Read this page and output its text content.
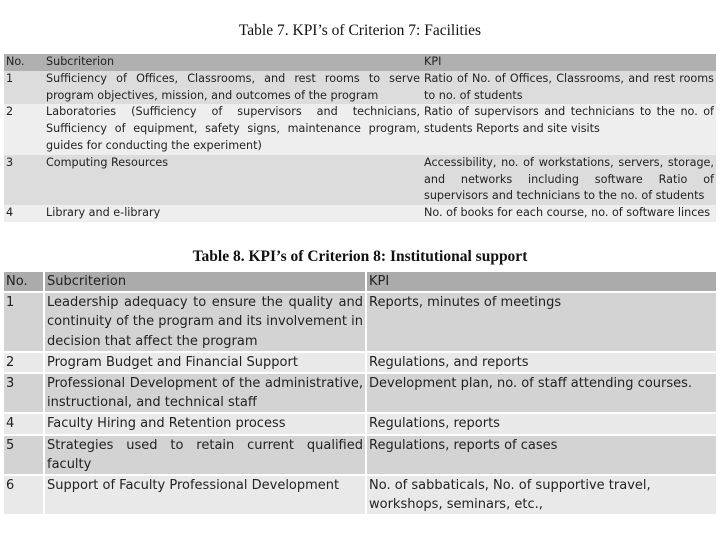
Table 7. KPI’s of Criterion 7: Facilities
No.	Subcriterion	KPI
1	Sufficiency of Offices, Classrooms, and rest rooms to serve program objectives, mission, and outcomes of the program	Ratio of No. of Offices, Classrooms, and rest rooms to no. of students
2	Laboratories (Sufficiency of supervisors and technicians, Sufficiency of equipment, safety signs, maintenance program, guides for conducting the experiment)	Ratio of supervisors and technicians to the no. of students Reports and site visits
3	Computing Resources	Accessibility, no. of workstations, servers, storage, and networks including software Ratio of supervisors and technicians to the no. of students
4	Library and e-library	No. of books for each course, no. of software linces
Table 8. KPI’s of Criterion 8: Institutional support
No.	Subcriterion	KPI
1	Leadership adequacy to ensure the quality and continuity of the program and its involvement in decision that affect the program	Reports, minutes of meetings
2	Program Budget and Financial Support	Regulations, and reports
3	Professional Development of the administrative, instructional, and technical staff	Development plan, no. of staff attending courses.
4	Faculty Hiring and Retention process	Regulations, reports
5	Strategies used to retain current qualified faculty	Regulations, reports of cases
6	Support of Faculty Professional Development	No. of sabbaticals, No. of supportive travel, workshops, seminars, etc.,
